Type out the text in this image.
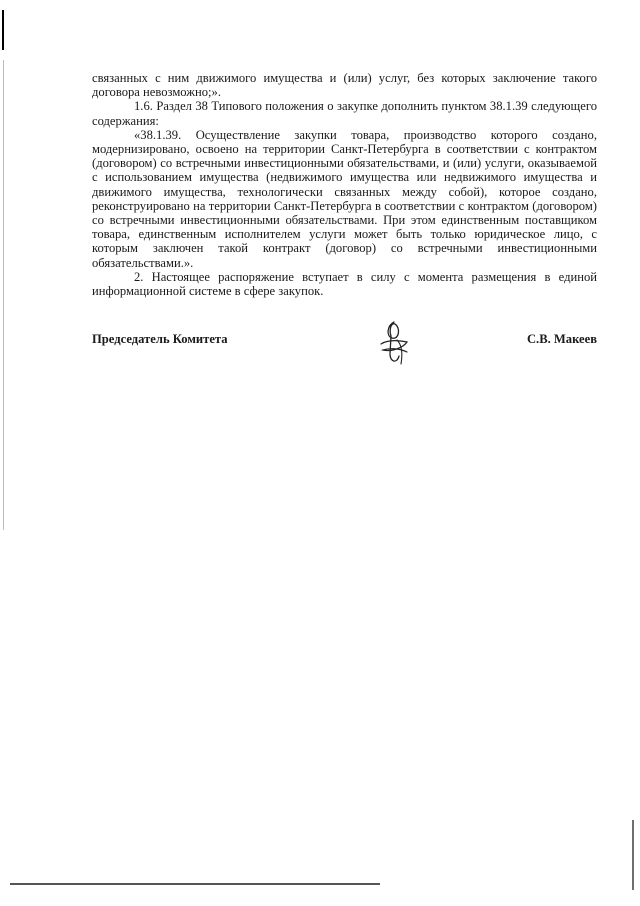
связанных с ним движимого имущества и (или) услуг, без которых заключение такого договора невозможно;».

1.6. Раздел 38 Типового положения о закупке дополнить пунктом 38.1.39 следующего содержания:

«38.1.39. Осуществление закупки товара, производство которого создано, модернизировано, освоено на территории Санкт-Петербурга в соответствии с контрактом (договором) со встречными инвестиционными обязательствами, и (или) услуги, оказываемой с использованием имущества (недвижимого имущества или недвижимого имущества и движимого имущества, технологически связанных между собой), которое создано, реконструировано на территории Санкт-Петербурга в соответствии с контрактом (договором) со встречными инвестиционными обязательствами. При этом единственным поставщиком товара, единственным исполнителем услуги может быть только юридическое лицо, с которым заключен такой контракт (договор) со встречными инвестиционными обязательствами.».

2. Настоящее распоряжение вступает в силу с момента размещения в единой информационной системе в сфере закупок.

Председатель Комитета	С.В. Макеев
